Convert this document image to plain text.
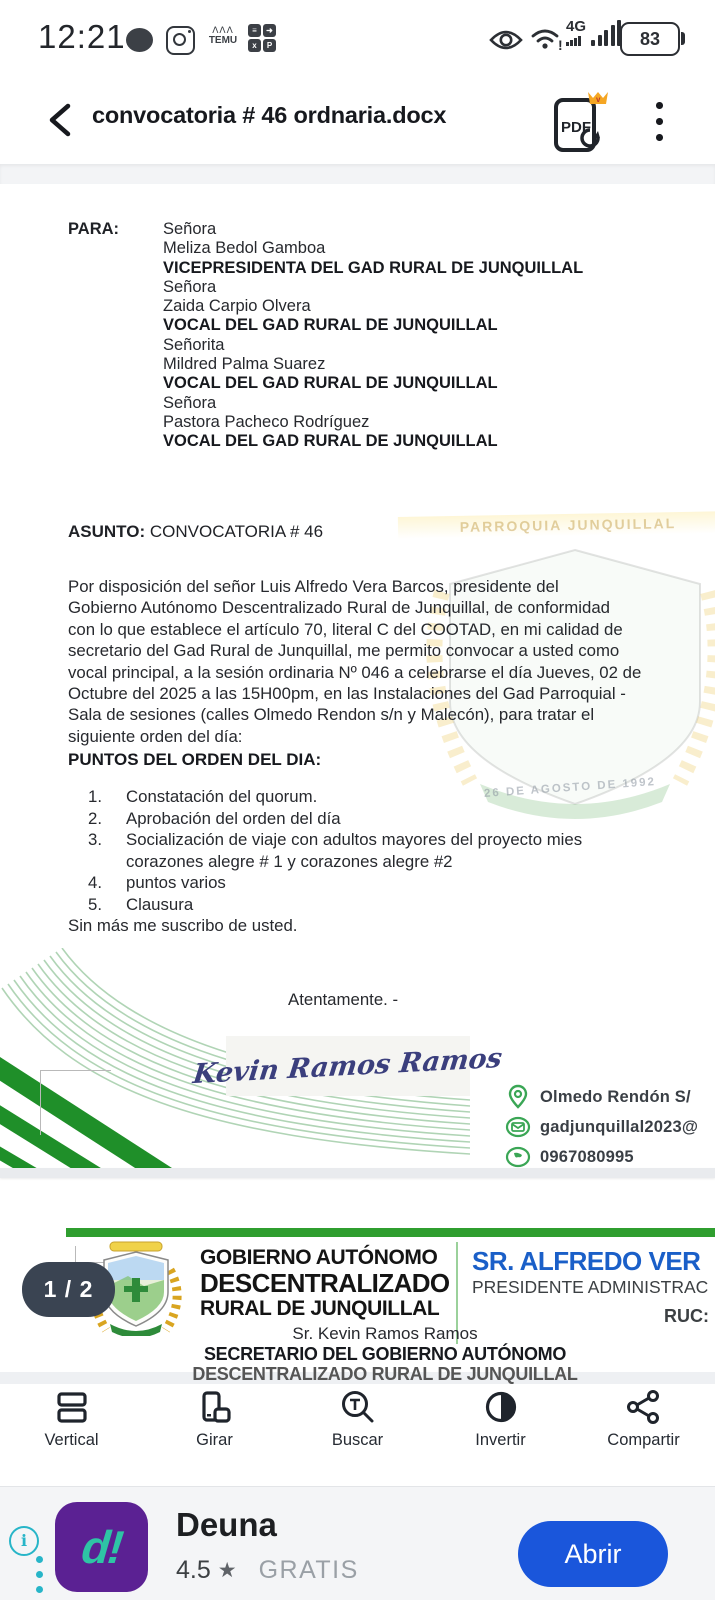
12:21	ᐱᐱᐱ
TEMU
≡	➜
x	P	!
4G
83
convocatoria # 46 ordnaria.docx	PDF
v
PARROQUIA JUNQUILLAL
26 DE AGOSTO DE 1992
PARA:	Señora
Meliza Bedol Gamboa
VICEPRESIDENTA DEL GAD RURAL DE JUNQUILLAL
Señora
Zaida Carpio Olvera
VOCAL DEL GAD RURAL DE JUNQUILLAL
Señorita
Mildred Palma Suarez
VOCAL DEL GAD RURAL DE JUNQUILLAL
Señora
Pastora Pacheco Rodríguez
VOCAL DEL GAD RURAL DE JUNQUILLAL
ASUNTO: CONVOCATORIA # 46
Por disposición del señor Luis Alfredo Vera Barcos, presidente del
Gobierno Autónomo Descentralizado Rural de Junquillal, de conformidad
con lo que establece el artículo 70, literal C del COOTAD, en mi calidad de
secretario del Gad Rural de Junquillal, me permito convocar a usted como
vocal principal, a la sesión ordinaria Nº 046 a celebrarse el día Jueves, 02 de
Octubre del 2025 a las 15H00pm, en las Instalaciones del Gad Parroquial -
Sala de sesiones (calles Olmedo Rendon s/n y Malecón), para tratar el
siguiente orden del día:
PUNTOS DEL ORDEN DEL DIA:
1.	Constatación del quorum.
2.	Aprobación del orden del día
3.	Socialización de viaje con adultos mayores del proyecto mies corazones alegre # 1 y corazones alegre #2
4.	puntos varios
5.	Clausura
Sin más me suscribo de usted.
Atentamente. -
Kevin Ramos Ramos
Olmedo Rendón S/
gadjunquillal2023@
0967080995
GOBIERNO AUTÓNOMO
DESCENTRALIZADO
RURAL DE JUNQUILLAL
SR. ALFREDO VER
PRESIDENTE ADMINISTRAC
RUC:
Sr. Kevin Ramos Ramos
SECRETARIO DEL GOBIERNO AUTÓNOMO
DESCENTRALIZADO RURAL DE JUNQUILLAL
1 / 2
Vertical	Girar	Buscar	Invertir	Compartir
i d! Deuna
4.5 ★ GRATIS
Abrir
